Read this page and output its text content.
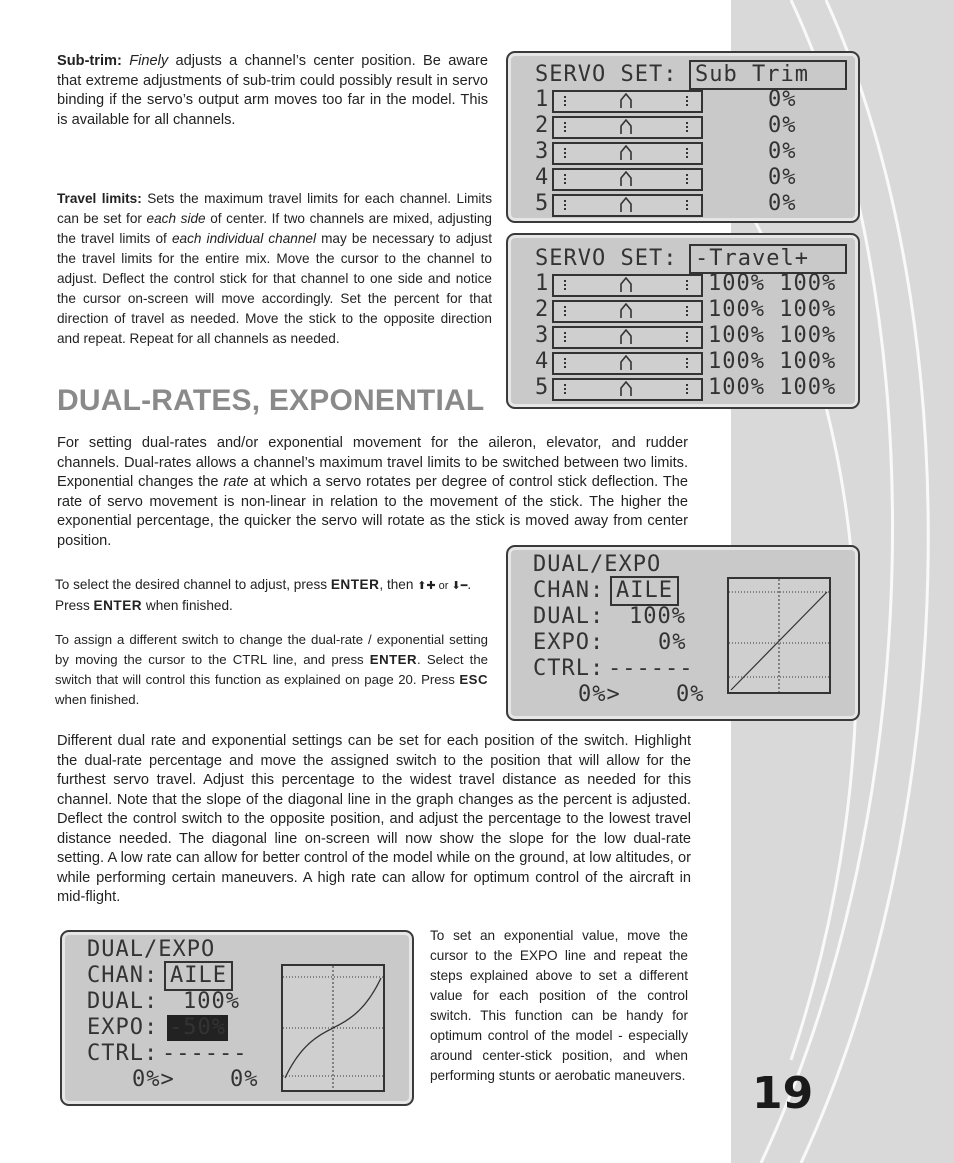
19

Sub-trim: Finely adjusts a channel’s center position. Be aware that extreme adjustments of sub-trim could possibly result in servo binding if the servo’s output arm moves too far in the model. This is available for all channels.

Travel limits: Sets the maximum travel limits for each channel. Limits can be set for each side of center. If two channels are mixed, adjusting the travel limits of each individual channel may be necessary to adjust the travel limits for the entire mix. Move the cursor to the channel to adjust. Deflect the control stick for that channel to one side and notice the cursor on-screen will move accordingly. Set the percent for that direction of travel as needed. Move the stick to the opposite direction and repeat. Repeat for all channels as needed.

DUAL-RATES, EXPONENTIAL

For setting dual-rates and/or exponential movement for the aileron, elevator, and rudder channels. Dual-rates allows a channel’s maximum travel limits to be switched between two limits. Exponential changes the rate at which a servo rotates per degree of control stick deflection. The rate of servo movement is non-linear in relation to the movement of the stick. The higher the exponential percentage, the quicker the servo will rotate as the stick is moved away from center position.

To select the desired channel to adjust, press ENTER, then ⬆✚ or ⬇━. Press ENTER when finished.

To assign a different switch to change the dual-rate / exponential setting by moving the cursor to the CTRL line, and press ENTER. Select the switch that will control this function as explained on page 20. Press ESC when finished.

Different dual rate and exponential settings can be set for each position of the switch. Highlight the dual-rate percentage and move the assigned switch to the position that will allow for the furthest servo travel. Adjust this percentage to the widest travel distance as needed for this channel. Note that the slope of the diagonal line in the graph changes as the percent is adjusted. Deflect the control switch to the opposite position, and adjust the percentage to the lowest travel distance needed. The diagonal line on-screen will now show the slope for the low dual-rate setting. A low rate can allow for better control of the model while on the ground, at low altitudes, or while performing certain maneuvers. A high rate can allow for optimum control of the aircraft in mid-flight.

To set an exponential value, move the cursor to the EXPO line and repeat the steps explained above to set a different value for each position of the control switch. This function can be handy for optimum control of the model - especially around center-stick position, and when performing stunts or aerobatic maneuvers.

SERVO SET: Sub Trim
1	0%
2	0%
3	0%
4	0%
5	0%
SERVO SET: -Travel+
1	100% 100%
2	100% 100%
3	100% 100%
4	100% 100%
5	100% 100%
DUAL/EXPO
CHAN: AILE
DUAL: 100%
EXPO: 0%
CTRL: ------
0%>	0%
DUAL/EXPO
CHAN: AILE
DUAL: 100%
EXPO: -50%
CTRL: ------
0%>	0%
